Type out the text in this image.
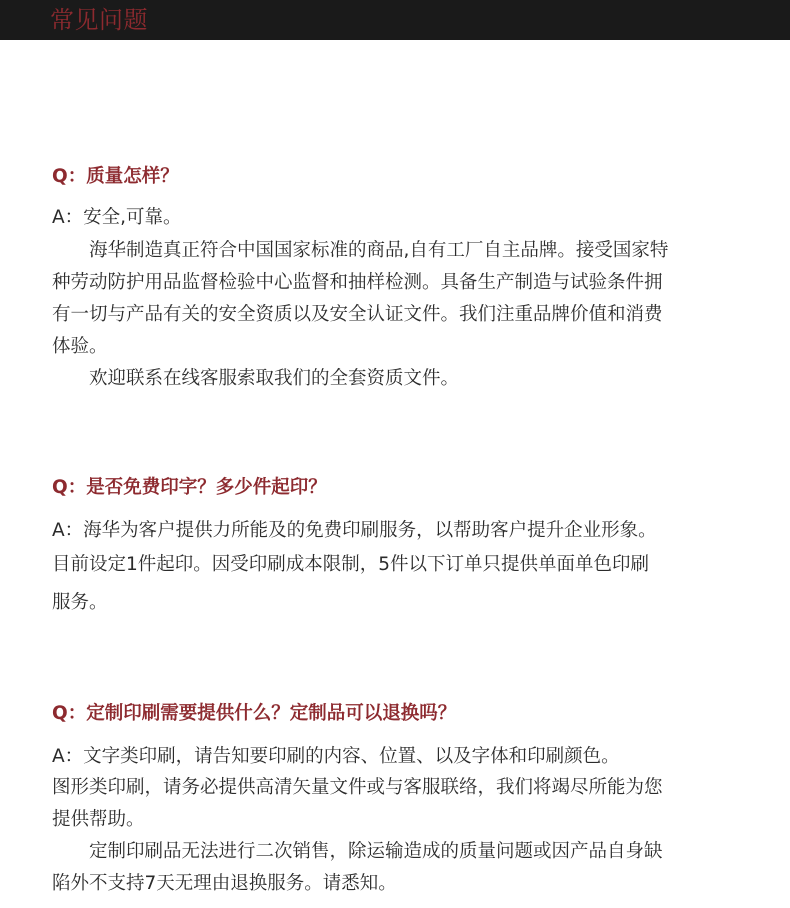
常见问题
Q：质量怎样？
A：安全,可靠。
　　海华制造真正符合中国国家标准的商品,自有工厂自主品牌。接受国家特
种劳动防护用品监督检验中心监督和抽样检测。具备生产制造与试验条件拥
有一切与产品有关的安全资质以及安全认证文件。我们注重品牌价值和消费
体验。
　　欢迎联系在线客服索取我们的全套资质文件。
Q：是否免费印字？多少件起印？
A：海华为客户提供力所能及的免费印刷服务，以帮助客户提升企业形象。
目前设定1件起印。因受印刷成本限制，5件以下订单只提供单面单色印刷
服务。
Q：定制印刷需要提供什么？定制品可以退换吗？
A：文字类印刷，请告知要印刷的内容、位置、以及字体和印刷颜色。
图形类印刷，请务必提供高清矢量文件或与客服联络，我们将竭尽所能为您
提供帮助。
　　定制印刷品无法进行二次销售，除运输造成的质量问题或因产品自身缺
陷外不支持7天无理由退换服务。请悉知。
